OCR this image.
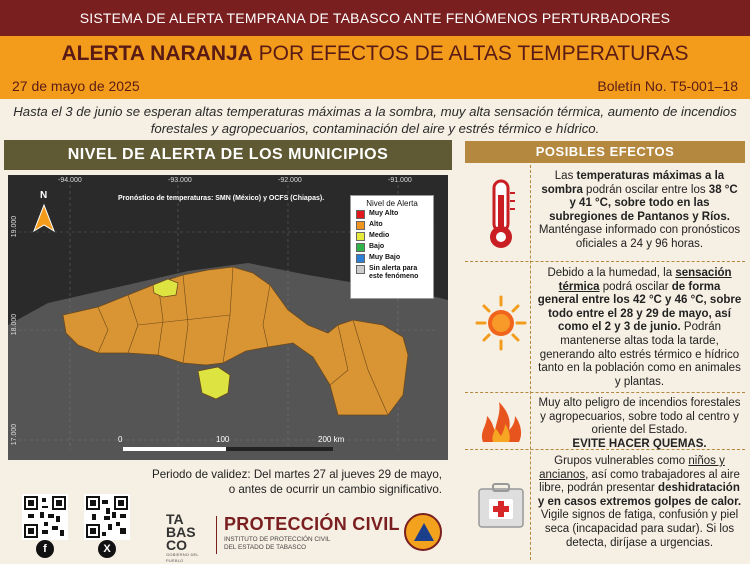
SISTEMA DE ALERTA TEMPRANA DE TABASCO ANTE FENÓMENOS PERTURBADORES
ALERTA NARANJA POR EFECTOS DE ALTAS TEMPERATURAS
27 de mayo de 2025	Boletín No. T5-001–18
Hasta el 3 de junio se esperan altas temperaturas máximas a la sombra, muy alta sensación térmica, aumento de incendios forestales y agropecuarios, contaminación del aire y estrés térmico e hídrico.
NIVEL DE ALERTA DE LOS MUNICIPIOS
-94.000	-93.000	-92.000	-91.000
19.000
18.000
17.000
N	Pronóstico de temperaturas: SMN (México) y OCFS (Chiapas).
Nivel de Alerta
Muy Alto
Alto
Medio
Bajo
Muy Bajo
Sin alerta para este fenómeno
0	100	200 km
Periodo de validez: Del martes 27 al jueves 29 de mayo,
o antes de ocurrir un cambio significativo.
f	X
TA
BAS
CO
GOBIERNO DEL PUEBLO
PROTECCIÓN CIVIL
INSTITUTO DE PROTECCIÓN CIVIL
DEL ESTADO DE TABASCO
POSIBLES EFECTOS
Las temperaturas máximas a la sombra podrán oscilar entre los 38 °C y 41 °C, sobre todo en las subregiones de Pantanos y Ríos. Manténgase informado con pronósticos oficiales a 24 y 96 horas.
Debido a la humedad, la sensación térmica podrá oscilar de forma general entre los 42 °C y 46 °C, sobre todo entre el 28 y 29 de mayo, así como el 2 y 3 de junio. Podrán mantenerse altas toda la tarde, generando alto estrés térmico e hídrico tanto en la población como en animales y plantas.
Muy alto peligro de incendios forestales y agropecuarios, sobre todo al centro y oriente del Estado.
EVITE HACER QUEMAS.
Grupos vulnerables como niños y ancianos, así como trabajadores al aire libre, podrán presentar deshidratación y en casos extremos golpes de calor. Vigile signos de fatiga, confusión y piel seca (incapacidad para sudar). Si los detecta, diríjase a urgencias.
